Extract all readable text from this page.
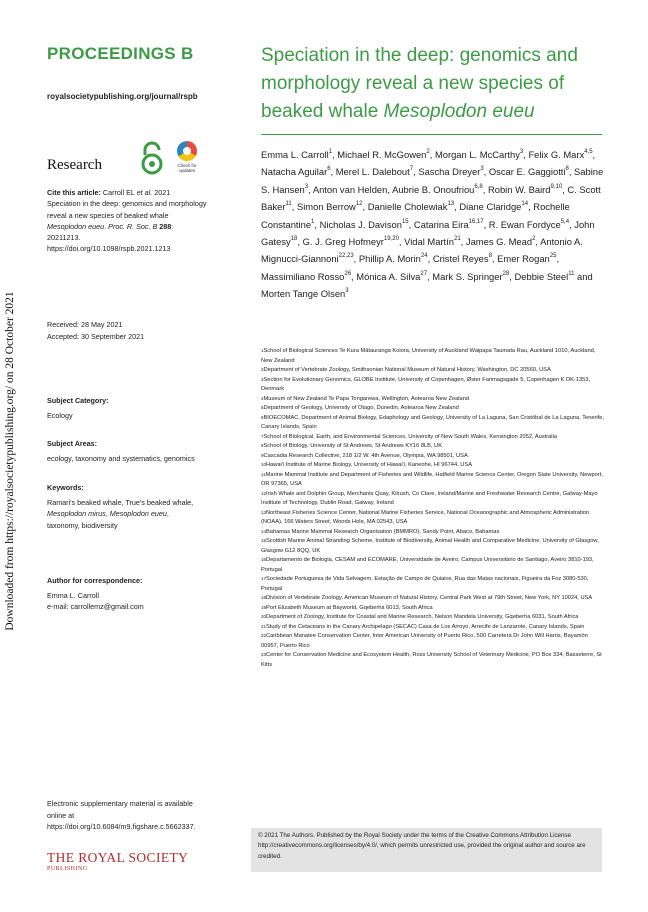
Downloaded from https://royalsocietypublishing.org/ on 28 October 2021
PROCEEDINGS B
royalsocietypublishing.org/journal/rspb
Research	Check for updates
Cite this article: Carroll EL et al. 2021
Speciation in the deep: genomics and morphology reveal a new species of beaked whale Mesoplodon eueu. Proc. R. Soc. B 288: 20211213.
https://doi.org/10.1098/rspb.2021.1213
Received: 28 May 2021
Accepted: 30 September 2021
Subject Category:
Ecology
Subject Areas:
ecology, taxonomy and systematics, genomics
Keywords:
Ramari's beaked whale, True's beaked whale,
Mesoplodon mirus, Mesoplodon eueu,
taxonomy, biodiversity
Author for correspondence:
Emma L. Carroll
e-mail: carrollemz@gmail.com
Electronic supplementary material is available online at https://doi.org/10.6084/m9.figshare.c.5662337.
THE ROYAL SOCIETY
PUBLISHING
Speciation in the deep: genomics and morphology reveal a new species of beaked whale Mesoplodon eueu
Emma L. Carroll$^1$, Michael R. McGowen$^2$, Morgan L. McCarthy$^3$, Felix G. Marx$^{4,5}$, Natacha Aguilar$^6$, Merel L. Dalebout$^7$, Sascha Dreyer$^3$, Oscar E. Gaggiotti$^8$, Sabine S. Hansen$^3$, Anton van Helden, Aubrie B. Onoufriou$^{6,8}$, Robin W. Baird$^{9,10}$, C. Scott Baker$^{11}$, Simon Berrow$^{12}$, Danielle Cholewiak$^{13}$, Diane Claridge$^{14}$, Rochelle Constantine$^1$, Nicholas J. Davison$^{15}$, Catarina Eira$^{16,17}$, R. Ewan Fordyce$^{5,4}$, John Gatesy$^{18}$, G. J. Greg Hofmeyr$^{19,20}$, Vidal Martín$^{21}$, James G. Mead$^2$, Antonio A. Mignucci-Giannoni$^{22,23}$, Phillip A. Morin$^{24}$, Cristel Reyes$^8$, Emer Rogan$^{25}$, Massimiliano Rosso$^{26}$, Mónica A. Silva$^{27}$, Mark S. Springer$^{28}$, Debbie Steel$^{11}$ and Morten Tange Olsen$^3$
$^1$School of Biological Sciences Te Kura Mātauranga Koiora, University of Auckland Waipapa Taumata Rau, Auckland 1010, Auckland, New Zealand
$^2$Department of Vertebrate Zoology, Smithsonian National Museum of Natural History, Washington, DC 20560, USA
$^3$Section for Evolutionary Genomics, GLOBE Institute, University of Copenhagen, Øster Farimagsgade 5, Copenhagen K DK-1353, Denmark
$^4$Museum of New Zealand Te Papa Tongarewa, Wellington, Aotearoa New Zealand
$^5$Department of Geology, University of Otago, Dunedin, Aotearoa New Zealand
$^6$BIOECOMAC, Department of Animal Biology, Edaphology and Geology, University of La Laguna, San Cristóbal de La Laguna, Tenerife, Canary Islands, Spain
$^7$School of Biological, Earth, and Environmental Sciences, University of New South Wales, Kensington 2052, Australia
$^8$School of Biology, University of St Andrews, St Andrews KY16 8LB, UK
$^9$Cascadia Research Collective, 218 1/2 W. 4th Avenue, Olympia, WA 98501, USA
$^{10}$Hawai'i Institute of Marine Biology, University of Hawai'i, Kaneohe, HI 96744, USA
$^{11}$Marine Mammal Institute and Department of Fisheries and Wildlife, Hatfield Marine Science Center, Oregon State University, Newport, OR 97365, USA
$^{12}$Irish Whale and Dolphin Group, Merchants Quay, Kilrush, Co Clare, Ireland/Marine and Freshwater Research Centre, Galway-Mayo Institute of Technology, Dublin Road, Galway, Ireland
$^{13}$Northeast Fisheries Science Center, National Marine Fisheries Service, National Oceanographic and Atmospheric Administration (NOAA), 166 Waters Street, Woods Hole, MA 02543, USA
$^{14}$Bahamas Marine Mammal Research Organisation (BMMRO), Sandy Point, Abaco, Bahamas
$^{15}$Scottish Marine Animal Stranding Scheme, Institute of Biodiversity, Animal Health and Comparative Medicine, University of Glasgow, Glasgow G12 8QQ, UK
$^{16}$Departamento de Biologia, CESAM and ECOMARE, Universidade de Aveiro, Campus Universitário de Santiago, Aveiro 3810-193, Portugal
$^{17}$Sociedade Portuguesa de Vida Selvagem, Estação de Campo de Quiaios, Rua das Matas nacionais, Figueira da Foz 3080-530, Portugal
$^{18}$Division of Vertebrate Zoology, American Museum of Natural History, Central Park West at 79th Street, New York, NY 10024, USA
$^{19}$Port Elizabeth Museum at Bayworld, Gqeberha 6013, South Africa
$^{20}$Department of Zoology, Institute for Coastal and Marine Research, Nelson Mandela University, Gqeberha 6031, South Africa
$^{21}$Study of the Cetaceans in the Canary Archipelago (SECAC) Casa de Los Arroyo, Arrecife de Lanzarote, Canary Islands, Spain
$^{22}$Caribbean Manatee Conservation Center, Inter American University of Puerto Rico, 500 Carretera Dr John Will Harris, Bayamón 00957, Puerto Rico
$^{23}$Center for Conservation Medicine and Ecosystem Health, Ross University School of Veterinary Medicine, PO Box 334, Basseterre, St Kitts
© 2021 The Authors. Published by the Royal Society under the terms of the Creative Commons Attribution License http://creativecommons.org/licenses/by/4.0/, which permits unrestricted use, provided the original author and source are credited.
